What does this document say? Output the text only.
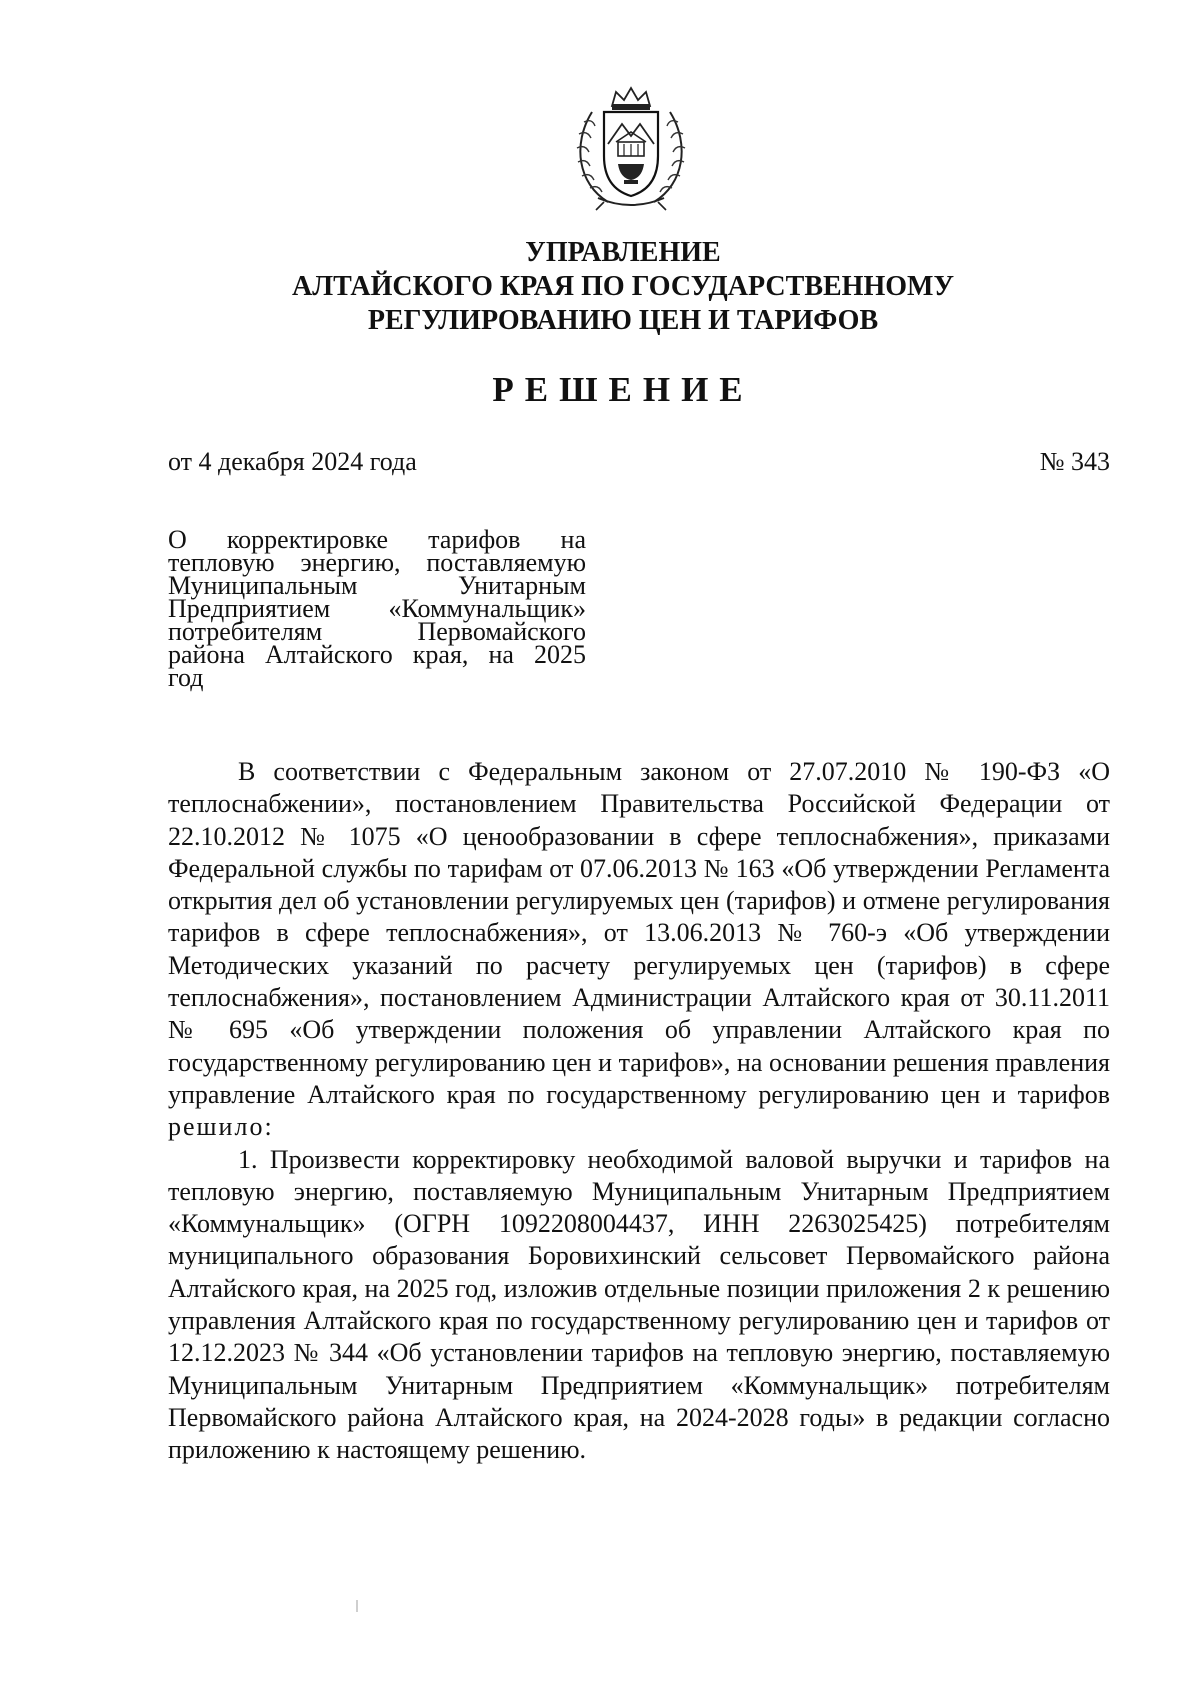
УПРАВЛЕНИЕ
АЛТАЙСКОГО КРАЯ ПО ГОСУДАРСТВЕННОМУ
РЕГУЛИРОВАНИЮ ЦЕН И ТАРИФОВ
РЕШЕНИЕ
от 4 декабря 2024 года	№ 343
О корректировке тарифов на
тепловую энергию, поставляемую
Муниципальным Унитарным
Предприятием «Коммунальщик»
потребителям Первомайского
района Алтайского края, на 2025
год

В соответствии с Федеральным законом от 27.07.2010 № 190-ФЗ «О теплоснабжении», постановлением Правительства Российской Федерации от 22.10.2012 № 1075 «О ценообразовании в сфере теплоснабжения», приказами Федеральной службы по тарифам от 07.06.2013 № 163 «Об утверждении Регламента открытия дел об установлении регулируемых цен (тарифов) и отмене регулирования тарифов в сфере теплоснабжения», от 13.06.2013 № 760-э «Об утверждении Методических указаний по расчету регулируемых цен (тарифов) в сфере теплоснабжения», постановлением Администрации Алтайского края от 30.11.2011 № 695 «Об утверждении положения об управлении Алтайского края по государственному регулированию цен и тарифов», на основании решения правления управление Алтайского края по государственному регулированию цен и тарифов решило:

1. Произвести корректировку необходимой валовой выручки и тарифов на тепловую энергию, поставляемую Муниципальным Унитарным Предприятием «Коммунальщик» (ОГРН 1092208004437, ИНН 2263025425) потребителям муниципального образования Боровихинский сельсовет Первомайского района Алтайского края, на 2025 год, изложив отдельные позиции приложения 2 к решению управления Алтайского края по государственному регулированию цен и тарифов от 12.12.2023 № 344 «Об установлении тарифов на тепловую энергию, поставляемую Муниципальным Унитарным Предприятием «Коммунальщик» потребителям Первомайского района Алтайского края, на 2024-2028 годы» в редакции согласно приложению к настоящему решению.
